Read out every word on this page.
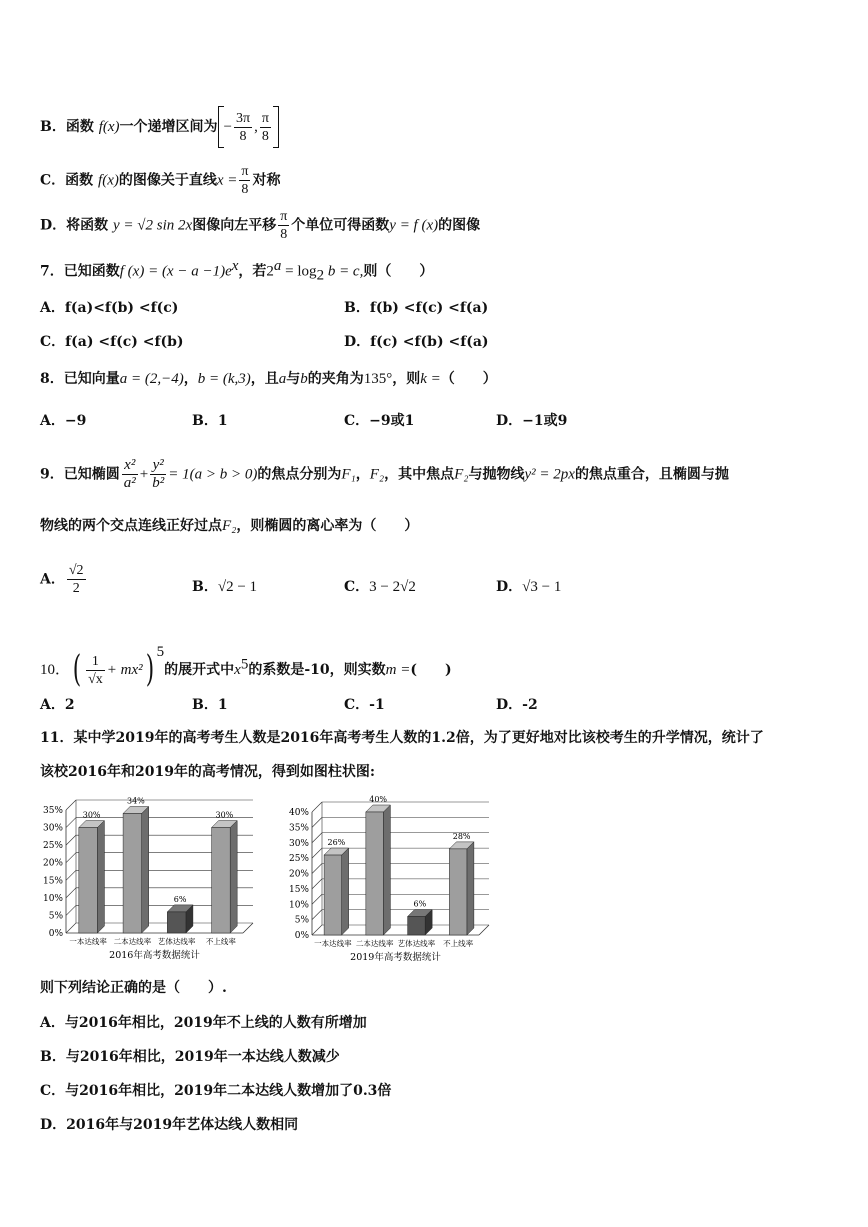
B．函数 f(x)一个递增区间为 − $\frac{3\pi}{8}$ , $\frac{\pi}{8}$
C．函数 f(x)的图像关于直线$x = \frac{\pi}{8}$ 对称
D．将函数 y = √2 sin 2x图像向左平移 $\frac{\pi}{8}$ 个单位可得函数y = f (x)的图像
7．已知函数f $(x) = (x - a -1)e^x$，若$2^a = \log_2 b = c$,则（　　）
A．f(a)<f(b) <f(c)	B．f(b) <f(c) <f(a)
C．f(a) <f(c) <f(b)	D．f(c) <f(b) <f(a)
8．已知向量a = (2,−4)，b = (k,3)，且a与b的夹角为135°，则k =（　　）
A．−9	B．1	C．−9或1	D．−1或9
9．已知椭圆 $\frac{\text{x²}}{\text{a²}} + \frac{\text{y²}}{\text{b²}} = 1(a > b > 0)$的焦点分别为F₁，F₂，其中焦点F₂与抛物线y² = 2px的焦点重合，且椭圆与抛
物线的两个交点连线正好过点F₂，则椭圆的离心率为（　　）
A． $\frac{√2}{2}$	B．√2 − 1	C．3 − 2√2	D．√3 − 1
10．( $\frac{1}{√x} + mx^2$) $^5$的展开式中$x^5$的系数是-10，则实数m =(　　)
A．2	B．1	C．-1	D．-2
11．某中学2019年的高考考生人数是2016年高考考生人数的1.2倍，为了更好地对比该校考生的升学情况，统计了
该校2016年和2019年的高考情况，得到如图柱状图:
0%
5%
10%
15%
20%
25%
30%
35% 30%
一本达线率
34%
二本达线率
6%
艺体达线率
30%
不上线率
2016年高考数据统计
0%
5%
10%
15%
20%
25%
30%
35%
40%
26%
一本达线率
40%
二本达线率
6%
艺体达线率
28%
不上线率
2019年高考数据统计
则下列结论正确的是（　　）.
A．与2016年相比，2019年不上线的人数有所增加
B．与2016年相比，2019年一本达线人数减少
C．与2016年相比，2019年二本达线人数增加了0.3倍
D．2016年与2019年艺体达线人数相同
